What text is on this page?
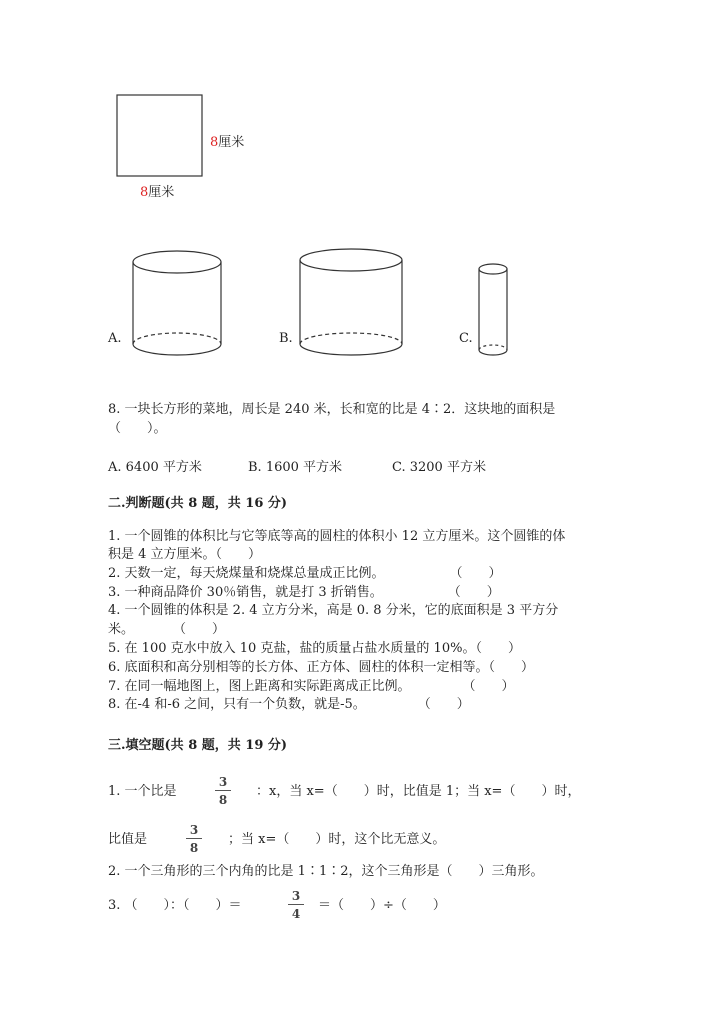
8厘米
8厘米
A.	B.	C.
8. 一块长方形的菜地，周长是 240 米，长和宽的比是 4∶2．这块地的面积是
（　　）。
A. 6400 平方米	B. 1600 平方米	C. 3200 平方米
二.判断题(共 8 题，共 16 分)
1. 一个圆锥的体积比与它等底等高的圆柱的体积小 12 立方厘米。这个圆锥的体
积是 4 立方厘米。（　　）
2. 天数一定，每天烧煤量和烧煤总量成正比例。　　　　　　（　　）
3. 一种商品降价 30％销售，就是打 3 折销售。　　　　　　（　　）
4. 一个圆锥的体积是 2. 4 立方分米，高是 0. 8 分米，它的底面积是 3 平方分
米。　　　　（　　）
5. 在 100 克水中放入 10 克盐，盐的质量占盐水质量的 10%。（　　）
6. 底面积和高分别相等的长方体、正方体、圆柱的体积一定相等。（　　）
7. 在同一幅地图上，图上距离和实际距离成正比例。　　　　　（　　）
8. 在-4 和-6 之间，只有一个负数，就是-5。　　　　　（　　）
三.填空题(共 8 题，共 19 分)
1. 一个比是
3
8
：x，当 x=（　　）时，比值是 1；当 x=（　　）时，
比值是
3
8
；当 x=（　　）时，这个比无意义。
2. 一个三角形的三个内角的比是 1∶1∶2，这个三角形是（　　）三角形。
3. （　　）：（　　）＝
3
4
＝（　　）÷（　　）
